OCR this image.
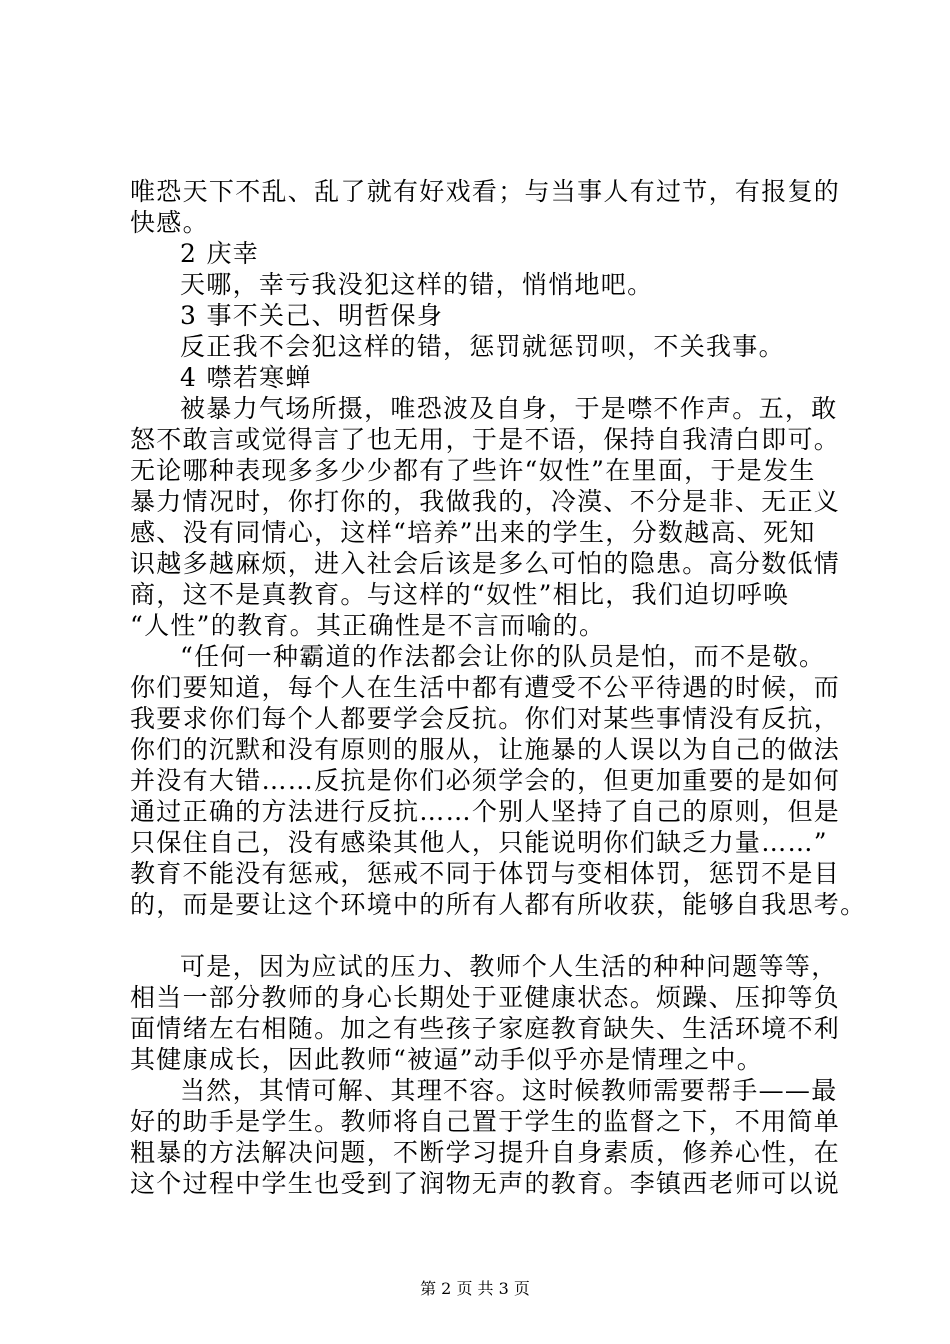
唯恐天下不乱、乱了就有好戏看；与当事人有过节，有报复的
快感。
2 庆幸
天哪，幸亏我没犯这样的错，悄悄地吧。
3 事不关己、明哲保身
反正我不会犯这样的错，惩罚就惩罚呗，不关我事。
4 噤若寒蝉
被暴力气场所摄，唯恐波及自身，于是噤不作声。五，敢
怒不敢言或觉得言了也无用，于是不语，保持自我清白即可。
无论哪种表现多多少少都有了些许“奴性”在里面，于是发生
暴力情况时，你打你的，我做我的，冷漠、不分是非、无正义
感、没有同情心，这样“培养”出来的学生，分数越高、死知
识越多越麻烦，进入社会后该是多么可怕的隐患。高分数低情
商，这不是真教育。与这样的“奴性”相比，我们迫切呼唤
“人性”的教育。其正确性是不言而喻的。
“任何一种霸道的作法都会让你的队员是怕，而不是敬。
你们要知道，每个人在生活中都有遭受不公平待遇的时候，而
我要求你们每个人都要学会反抗。你们对某些事情没有反抗，
你们的沉默和没有原则的服从，让施暴的人误以为自己的做法
并没有大错……反抗是你们必须学会的，但更加重要的是如何
通过正确的方法进行反抗……个别人坚持了自己的原则，但是
只保住自己，没有感染其他人，只能说明你们缺乏力量……”
教育不能没有惩戒，惩戒不同于体罚与变相体罚，惩罚不是目
的，而是要让这个环境中的所有人都有所收获，能够自我思考。
可是，因为应试的压力、教师个人生活的种种问题等等，
相当一部分教师的身心长期处于亚健康状态。烦躁、压抑等负
面情绪左右相随。加之有些孩子家庭教育缺失、生活环境不利
其健康成长，因此教师“被逼”动手似乎亦是情理之中。
当然，其情可解、其理不容。这时候教师需要帮手——最
好的助手是学生。教师将自己置于学生的监督之下，不用简单
粗暴的方法解决问题，不断学习提升自身素质，修养心性，在
这个过程中学生也受到了润物无声的教育。李镇西老师可以说
第 2 页 共 3 页
